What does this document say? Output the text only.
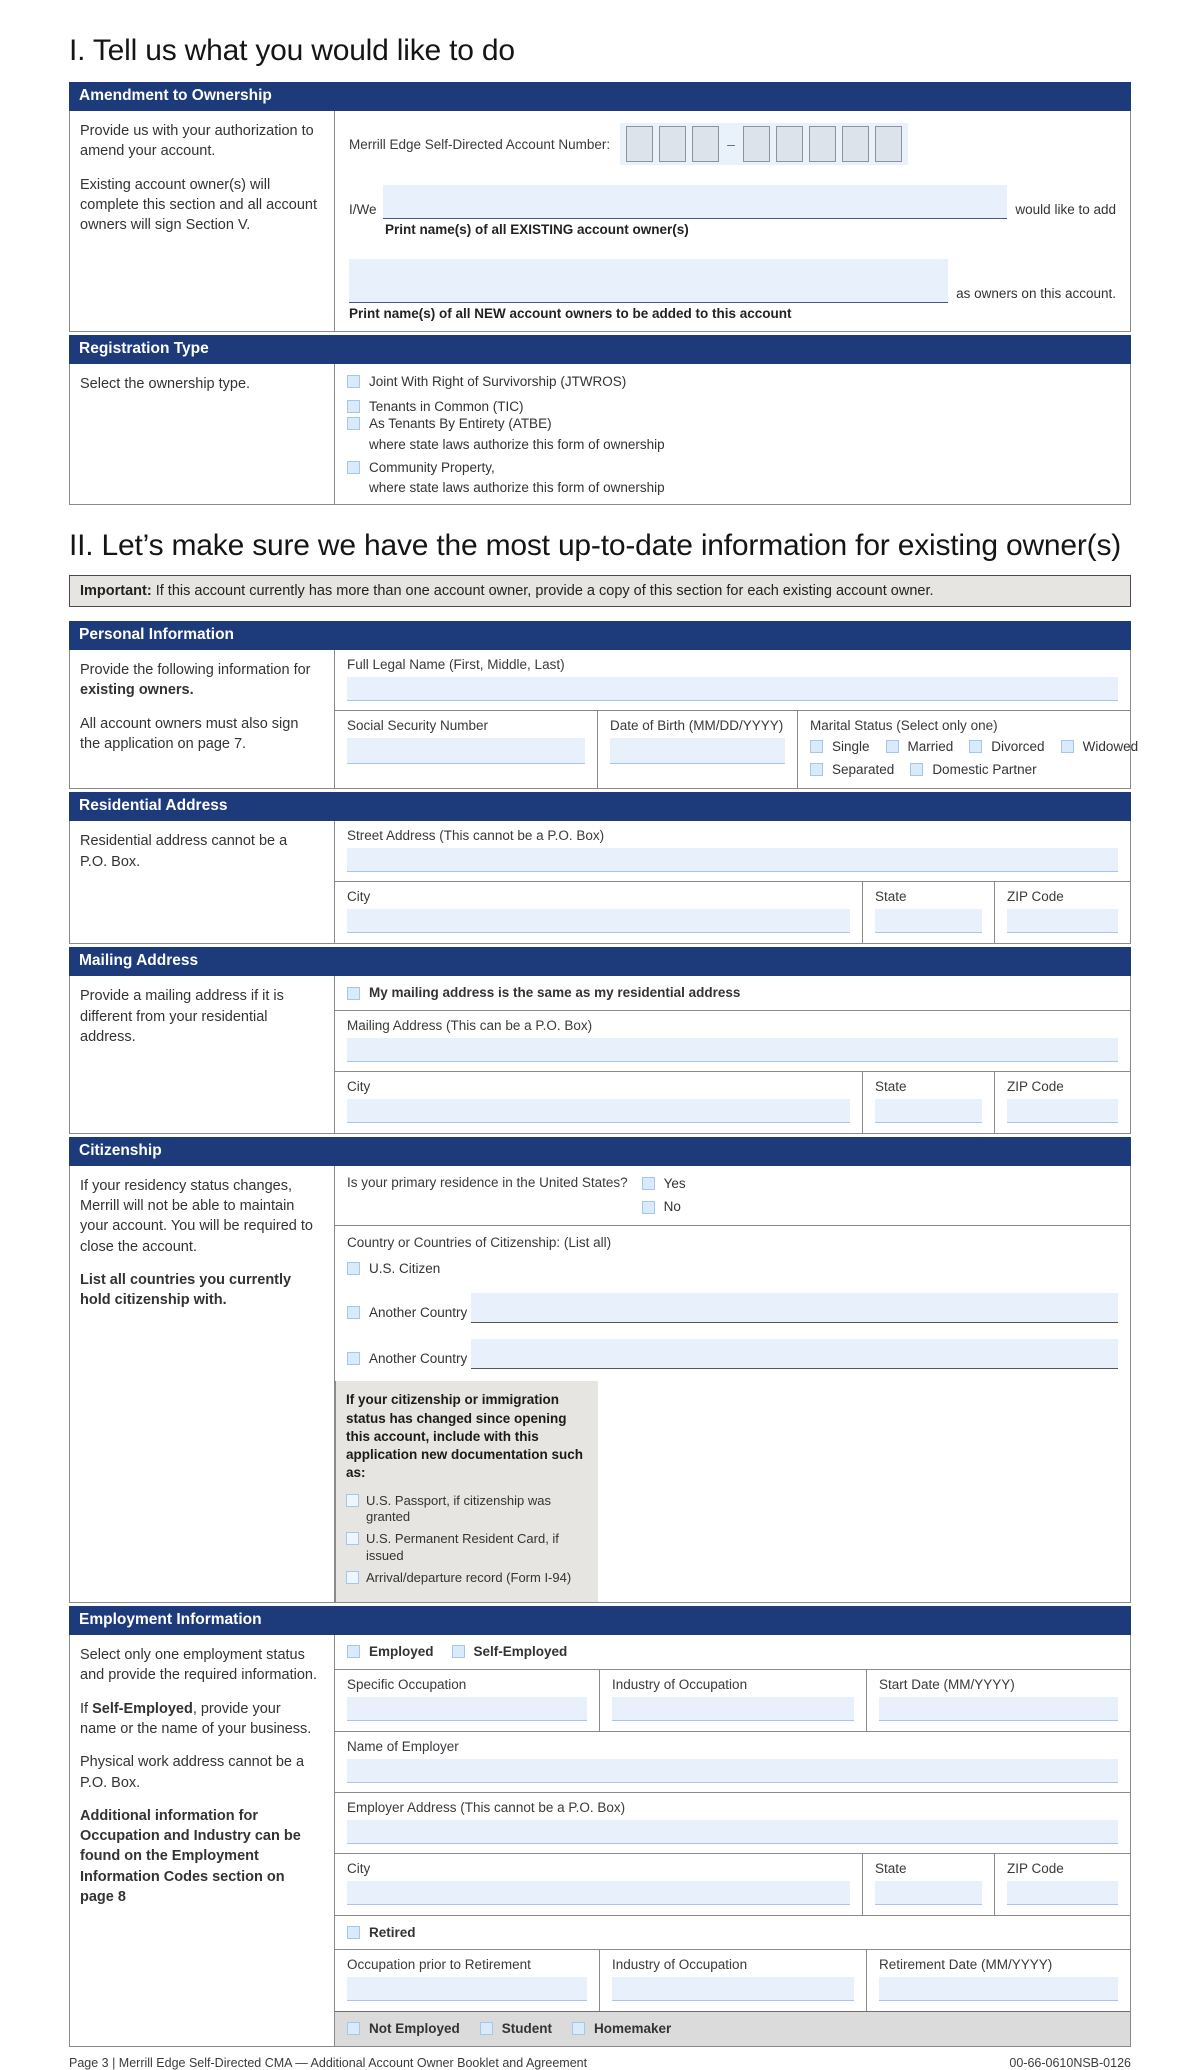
I. Tell us what you would like to do
Amendment to Ownership

Provide us with your authorization to amend your account.

Existing account owner(s) will complete this section and all account owners will sign Section V.

Merrill Edge Self-Directed Account Number:	–
I/We	would like to add
Print name(s) of all EXISTING account owner(s)
as owners on this account.
Print name(s) of all NEW account owners to be added to this account
Registration Type

Select the ownership type.	Joint With Right of Survivorship (JTWROS)
Tenants in Common (TIC)
As Tenants By Entirety (ATBE)
where state laws authorize this form of ownership
Community Property,
where state laws authorize this form of ownership
II. Let’s make sure we have the most up-to-date information for existing owner(s)
Important: If this account currently has more than one account owner, provide a copy of this section for each existing account owner.
Personal Information

Provide the following information for existing owners.

All account owners must also sign the application on page 7.

Full Legal Name (First, Middle, Last)
Social Security Number	Date of Birth (MM/DD/YYYY) Marital Status (Select only one)
Single	Married	Divorced	Widowed
Separated	Domestic Partner
Residential Address

Residential address cannot be a P.O. Box.

Street Address (This cannot be a P.O. Box)
City	State	ZIP Code
Mailing Address

Provide a mailing address if it is different from your residential address.

My mailing address is the same as my residential address
Mailing Address (This can be a P.O. Box)
City	State	ZIP Code
Citizenship

If your residency status changes, Merrill will not be able to maintain your account. You will be required to close the account.

List all countries you currently hold citizenship with.

Is your primary residence in the United States?	Yes
No
Country or Countries of Citizenship: (List all)
U.S. Citizen
Another Country
Another Country
If your citizenship or immigration status has changed since opening this account, include with this application new documentation such as:
U.S. Passport, if citizenship was granted
U.S. Permanent Resident Card, if issued
Arrival/departure record (Form I-94)
Employment Information

Select only one employment status and provide the required information.

If Self-Employed, provide your name or the name of your business.

Physical work address cannot be a P.O. Box.

Additional information for Occupation and Industry can be found on the Employment Information Codes section on page 8

Employed	Self-Employed
Specific Occupation	Industry of Occupation	Start Date (MM/YYYY)
Name of Employer
Employer Address (This cannot be a P.O. Box)
City	State	ZIP Code
Retired
Occupation prior to Retirement	Industry of Occupation	Retirement Date (MM/YYYY)
Not Employed	Student	Homemaker
Page 3 | Merrill Edge Self-Directed CMA — Additional Account Owner Booklet and Agreement	00-66-0610NSB-0126
